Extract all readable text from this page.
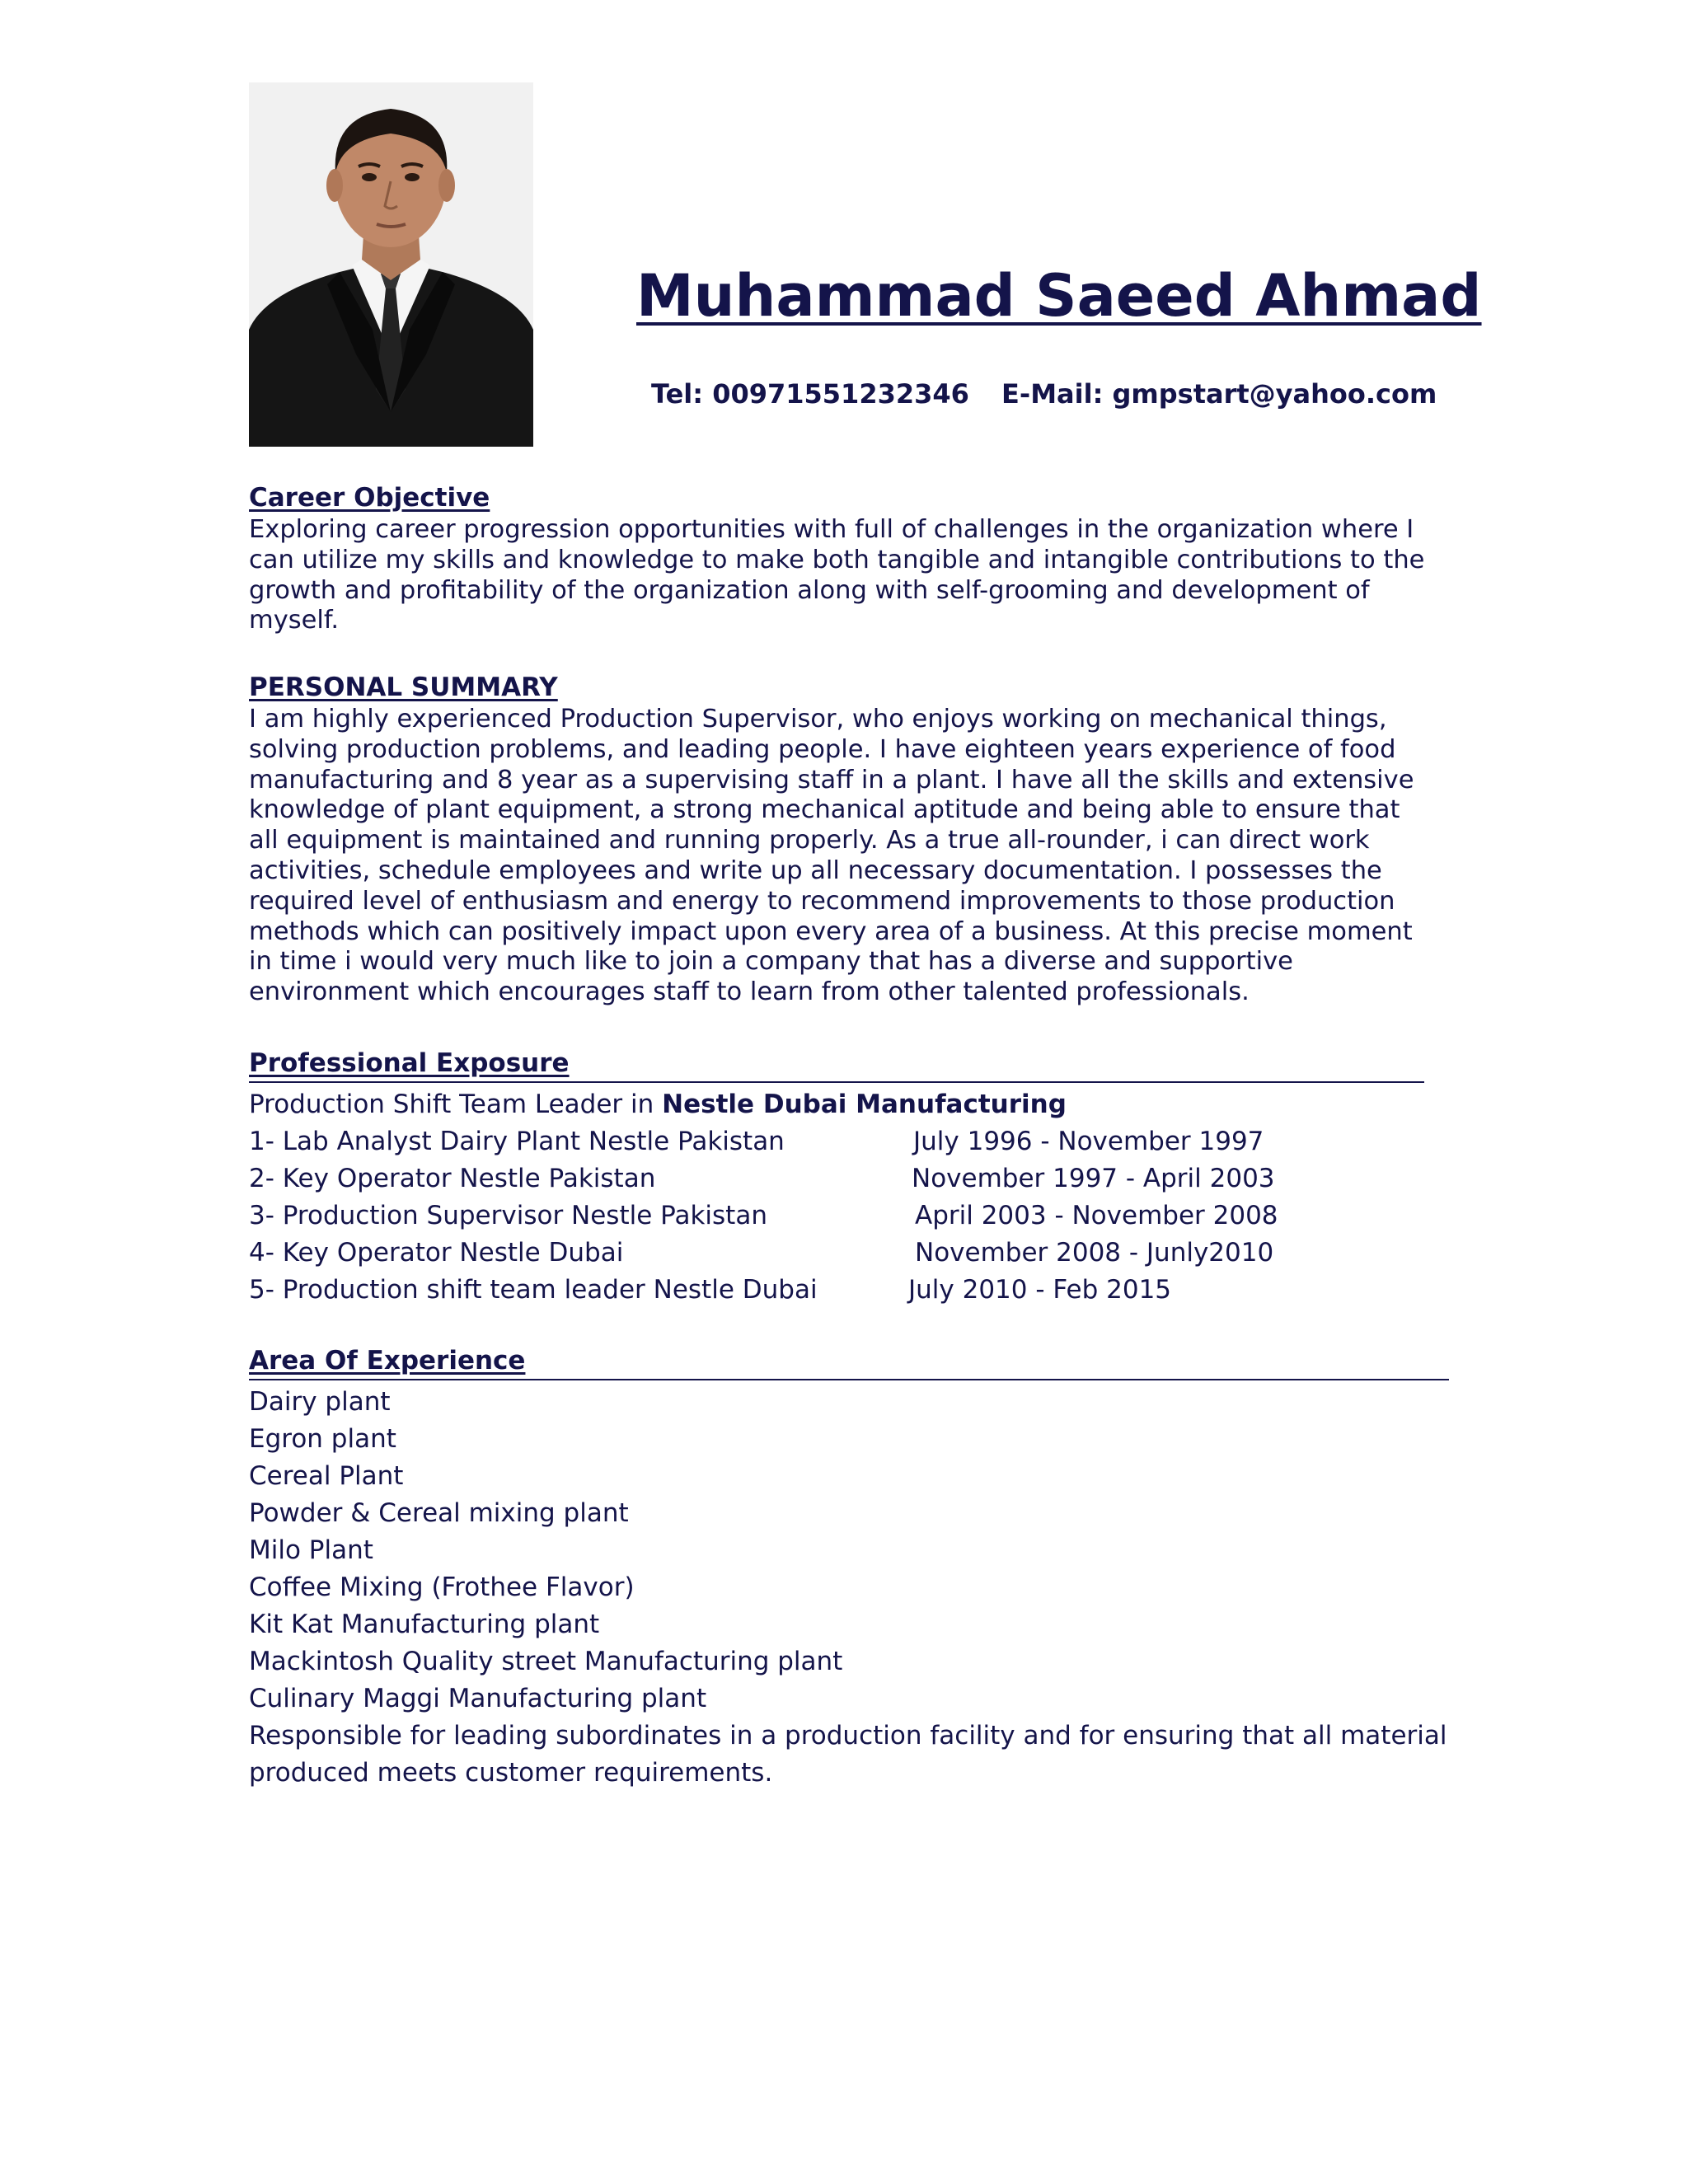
Muhammad Saeed Ahmad
Tel: 00971551232346 E-Mail: gmpstart@yahoo.com
Career Objective
Exploring career progression opportunities with full of challenges in the organization where I can utilize my skills and knowledge to make both tangible and intangible contributions to the growth and profitability of the organization along with self-grooming and development of myself.
PERSONAL SUMMARY
I am highly experienced Production Supervisor, who enjoys working on mechanical things, solving production problems, and leading people. I have eighteen years experience of food manufacturing and 8 year as a supervising staff in a plant. I have all the skills and extensive knowledge of plant equipment, a strong mechanical aptitude and being able to ensure that all equipment is maintained and running properly. As a true all-rounder, i can direct work activities, schedule employees and write up all necessary documentation. I possesses the required level of enthusiasm and energy to recommend improvements to those production methods which can positively impact upon every area of a business. At this precise moment in time i would very much like to join a company that has a diverse and supportive environment which encourages staff to learn from other talented professionals.
Professional Exposure
Production Shift Team Leader in Nestle Dubai Manufacturing
1- Lab Analyst Dairy Plant Nestle Pakistan	July 1996 - November 1997
2- Key Operator Nestle Pakistan	November 1997 - April 2003
3- Production Supervisor Nestle Pakistan	April 2003 - November 2008
4- Key Operator Nestle Dubai	November 2008 - Junly2010
5- Production shift team leader Nestle Dubai	July 2010 - Feb 2015
Area Of Experience
Dairy plant
Egron plant
Cereal Plant
Powder & Cereal mixing plant
Milo Plant
Coffee Mixing (Frothee Flavor)
Kit Kat Manufacturing plant
Mackintosh Quality street Manufacturing plant
Culinary Maggi Manufacturing plant
Responsible for leading subordinates in a production facility and for ensuring that all material
produced meets customer requirements.
